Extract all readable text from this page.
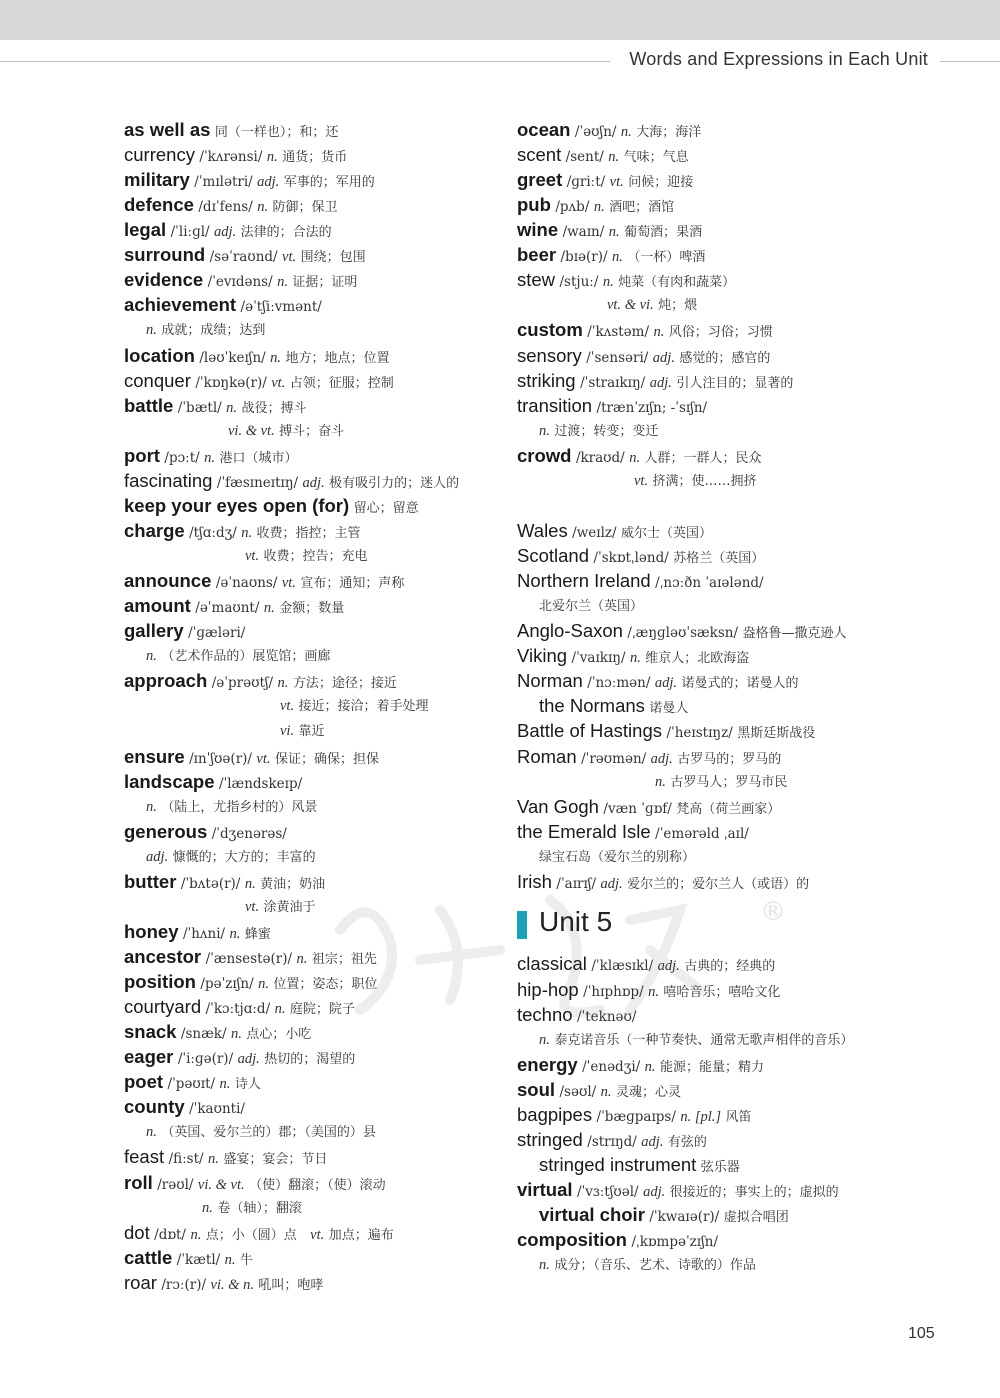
Words and Expressions in Each Unit
®
as well as 同（一样也）；和；还
currency /ˈkʌrənsi/ n. 通货；货币
military /ˈmɪlətri/ adj. 军事的；军用的
defence /dɪˈfens/ n. 防御；保卫
legal /ˈliːɡl/ adj. 法律的；合法的
surround /səˈraʊnd/ vt. 围绕；包围
evidence /ˈevɪdəns/ n. 证据；证明
achievement /əˈtʃiːvmənt/
n. 成就；成绩；达到
location /ləʊˈkeɪʃn/ n. 地方；地点；位置
conquer /ˈkɒŋkə(r)/ vt. 占领；征服；控制
battle /ˈbætl/ n. 战役；搏斗
vi. & vt. 搏斗；奋斗
port /pɔːt/ n. 港口（城市）
fascinating /ˈfæsɪneɪtɪŋ/ adj. 极有吸引力的；迷人的
keep your eyes open (for) 留心；留意
charge /tʃɑːdʒ/ n. 收费；指控；主管
vt. 收费；控告；充电
announce /əˈnaʊns/ vt. 宣布；通知；声称
amount /əˈmaʊnt/ n. 金额；数量
gallery /ˈɡæləri/
n. （艺术作品的）展览馆；画廊
approach /əˈprəʊtʃ/ n. 方法；途径；接近
vt. 接近；接洽；着手处理
vi. 靠近
ensure /ɪnˈʃʊə(r)/ vt. 保证；确保；担保
landscape /ˈlændskeɪp/
n. （陆上，尤指乡村的）风景
generous /ˈdʒenərəs/
adj. 慷慨的；大方的；丰富的
butter /ˈbʌtə(r)/ n. 黄油；奶油
vt. 涂黄油于
honey /ˈhʌni/ n. 蜂蜜
ancestor /ˈænsestə(r)/ n. 祖宗；祖先
position /pəˈzɪʃn/ n. 位置；姿态；职位
courtyard /ˈkɔːtjɑːd/ n. 庭院；院子
snack /snæk/ n. 点心；小吃
eager /ˈiːɡə(r)/ adj. 热切的；渴望的
poet /ˈpəʊɪt/ n. 诗人
county /ˈkaʊnti/
n. （英国、爱尔兰的）郡；（美国的）县
feast /fiːst/ n. 盛宴；宴会；节日
roll /rəʊl/ vi. & vt. （使）翻滚；（使）滚动
n. 卷（轴）；翻滚
dot /dɒt/ n. 点；小（圆）点 vt. 加点；遍布
cattle /ˈkætl/ n. 牛
roar /rɔː(r)/ vi. & n. 吼叫；咆哮
ocean /ˈəʊʃn/ n. 大海；海洋
scent /sent/ n. 气味；气息
greet /ɡriːt/ vt. 问候；迎接
pub /pʌb/ n. 酒吧；酒馆
wine /waɪn/ n. 葡萄酒；果酒
beer /bɪə(r)/ n. （一杯）啤酒
stew /stjuː/ n. 炖菜（有肉和蔬菜）
vt. & vi. 炖；煨
custom /ˈkʌstəm/ n. 风俗；习俗；习惯
sensory /ˈsensəri/ adj. 感觉的；感官的
striking /ˈstraɪkɪŋ/ adj. 引人注目的；显著的
transition /trænˈzɪʃn; -ˈsɪʃn/
n. 过渡；转变；变迁
crowd /kraʊd/ n. 人群；一群人；民众
vt. 挤满；使……拥挤
Wales /weɪlz/ 威尔士（英国）
Scotland /ˈskɒtˌlənd/ 苏格兰（英国）
Northern Ireland /ˌnɔːðn ˈaɪələnd/
北爱尔兰（英国）
Anglo-Saxon /ˌæŋɡləʊˈsæksn/ 盎格鲁—撒克逊人
Viking /ˈvaɪkɪŋ/ n. 维京人；北欧海盗
Norman /ˈnɔːmən/ adj. 诺曼式的；诺曼人的
the Normans 诺曼人
Battle of Hastings /ˈheɪstɪŋz/ 黑斯廷斯战役
Roman /ˈrəʊmən/ adj. 古罗马的；罗马的
n. 古罗马人；罗马市民
Van Gogh /væn ˈɡɒf/ 梵高（荷兰画家）
the Emerald Isle /ˈemərəld ˌaɪl/
绿宝石岛（爱尔兰的别称）
Irish /ˈaɪrɪʃ/ adj. 爱尔兰的；爱尔兰人（或语）的
Unit 5
classical /ˈklæsɪkl/ adj. 古典的；经典的
hip-hop /ˈhɪphɒp/ n. 嘻哈音乐；嘻哈文化
techno /ˈteknəʊ/
n. 泰克诺音乐（一种节奏快、通常无歌声相伴的音乐）
energy /ˈenədʒi/ n. 能源；能量；精力
soul /səʊl/ n. 灵魂；心灵
bagpipes /ˈbæɡpaɪps/ n. [pl.] 风笛
stringed /strɪŋd/ adj. 有弦的
stringed instrument 弦乐器
virtual /ˈvɜːtʃʊəl/ adj. 很接近的；事实上的；虚拟的
virtual choir /ˈkwaɪə(r)/ 虚拟合唱团
composition /ˌkɒmpəˈzɪʃn/
n. 成分；（音乐、艺术、诗歌的）作品
105
